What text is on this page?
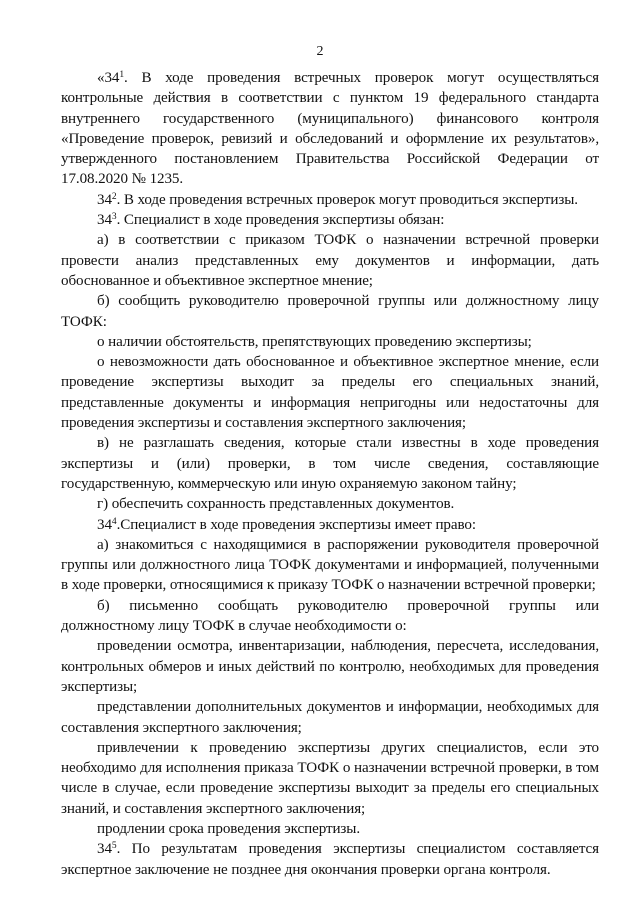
2

«$34^1$. В ходе проведения встречных проверок могут осуществляться контрольные действия в соответствии с пунктом 19 федерального стандарта внутреннего государственного (муниципального) финансового контроля «Проведение проверок, ревизий и обследований и оформление их результатов», утвержденного постановлением Правительства Российской Федерации от 17.08.2020 № 1235.

$34^2$. В ходе проведения встречных проверок могут проводиться экспертизы.

$34^3$. Специалист в ходе проведения экспертизы обязан:

а) в соответствии с приказом ТОФК о назначении встречной проверки провести анализ представленных ему документов и информации, дать обоснованное и объективное экспертное мнение;

б) сообщить руководителю проверочной группы или должностному лицу ТОФК:

о наличии обстоятельств, препятствующих проведению экспертизы;

о невозможности дать обоснованное и объективное экспертное мнение, если проведение экспертизы выходит за пределы его специальных знаний, представленные документы и информация непригодны или недостаточны для проведения экспертизы и составления экспертного заключения;

в) не разглашать сведения, которые стали известны в ходе проведения экспертизы и (или) проверки, в том числе сведения, составляющие государственную, коммерческую или иную охраняемую законом тайну;

г) обеспечить сохранность представленных документов.

$34^4.Специалист$ в ходе проведения экспертизы имеет право:

а) знакомиться с находящимися в распоряжении руководителя проверочной группы или должностного лица ТОФК документами и информацией, полученными в ходе проверки, относящимися к приказу ТОФК о назначении встречной проверки;

б) письменно сообщать руководителю проверочной группы или должностному лицу ТОФК в случае необходимости о:

проведении осмотра, инвентаризации, наблюдения, пересчета, исследования, контрольных обмеров и иных действий по контролю, необходимых для проведения экспертизы;

представлении дополнительных документов и информации, необходимых для составления экспертного заключения;

привлечении к проведению экспертизы других специалистов, если это необходимо для исполнения приказа ТОФК о назначении встречной проверки, в том числе в случае, если проведение экспертизы выходит за пределы его специальных знаний, и составления экспертного заключения;

продлении срока проведения экспертизы.

$34^5$. По результатам проведения экспертизы специалистом составляется экспертное заключение не позднее дня окончания проверки органа контроля.
